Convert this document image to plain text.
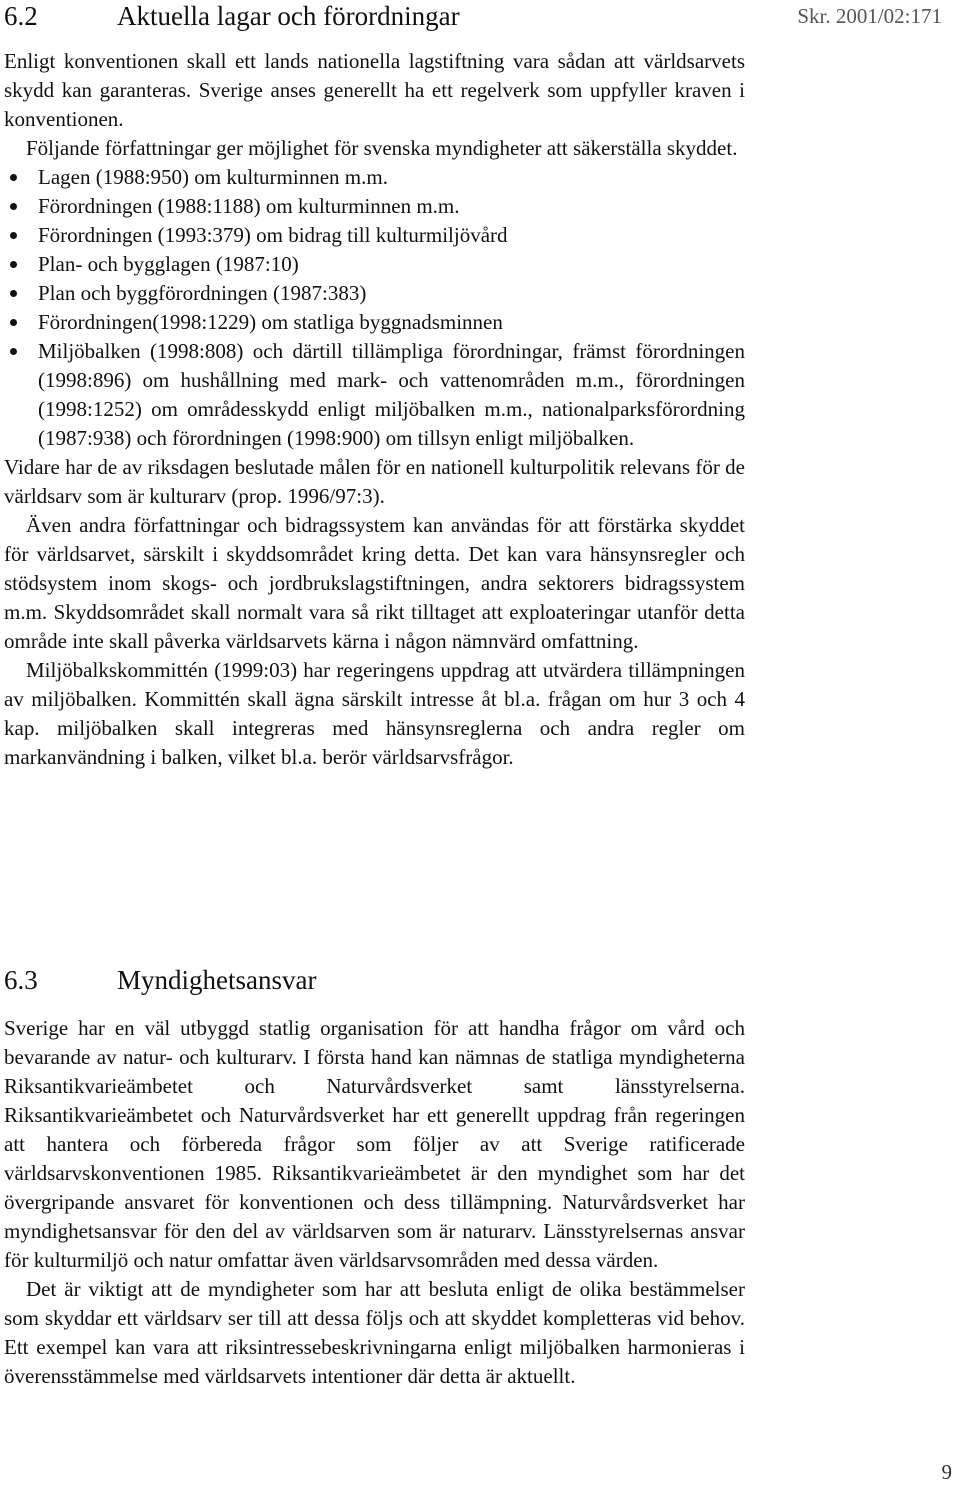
Skr. 2001/02:171
6.2	Aktuella lagar och förordningar

Enligt konventionen skall ett lands nationella lagstiftning vara sådan att världsarvets skydd kan garanteras. Sverige anses generellt ha ett regelverk som uppfyller kraven i konventionen.

Följande författningar ger möjlighet för svenska myndigheter att säkerställa skyddet.

Lagen (1988:950) om kulturminnen m.m.
Förordningen (1988:1188) om kulturminnen m.m.
Förordningen (1993:379) om bidrag till kulturmiljövård
Plan- och bygglagen (1987:10)
Plan och byggförordningen (1987:383)
Förordningen(1998:1229) om statliga byggnadsminnen
Miljöbalken (1998:808) och därtill tillämpliga förordningar, främst förordningen (1998:896) om hushållning med mark- och vattenområden m.m., förordningen (1998:1252) om områdesskydd enligt miljöbalken m.m., nationalparksförordning (1987:938) och förordningen (1998:900) om tillsyn enligt miljöbalken.

Vidare har de av riksdagen beslutade målen för en nationell kulturpolitik relevans för de världsarv som är kulturarv (prop. 1996/97:3).

Även andra författningar och bidragssystem kan användas för att förstärka skyddet för världsarvet, särskilt i skyddsområdet kring detta. Det kan vara hänsynsregler och stödsystem inom skogs- och jordbrukslagstiftningen, andra sektorers bidragssystem m.m. Skyddsområdet skall normalt vara så rikt tilltaget att exploateringar utanför detta område inte skall påverka världsarvets kärna i någon nämnvärd omfattning.

Miljöbalkskommittén (1999:03) har regeringens uppdrag att utvärdera tillämpningen av miljöbalken. Kommittén skall ägna särskilt intresse åt bl.a. frågan om hur 3 och 4 kap. miljöbalken skall integreras med hänsynsreglerna och andra regler om markanvändning i balken, vilket bl.a. berör världsarvsfrågor.

6.3	Myndighetsansvar

Sverige har en väl utbyggd statlig organisation för att handha frågor om vård och bevarande av natur- och kulturarv. I första hand kan nämnas de statliga myndigheterna Riksantikvarieämbetet och Naturvårdsverket samt länsstyrelserna. Riksantikvarieämbetet och Naturvårdsverket har ett generellt uppdrag från regeringen att hantera och förbereda frågor som följer av att Sverige ratificerade världsarvskonventionen 1985. Riksantikvarieämbetet är den myndighet som har det övergripande ansvaret för konventionen och dess tillämpning. Naturvårdsverket har myndighetsansvar för den del av världsarven som är naturarv. Länsstyrelsernas ansvar för kulturmiljö och natur omfattar även världsarvsområden med dessa värden.

Det är viktigt att de myndigheter som har att besluta enligt de olika bestämmelser som skyddar ett världsarv ser till att dessa följs och att skyddet kompletteras vid behov. Ett exempel kan vara att riksintressebeskrivningarna enligt miljöbalken harmonieras i överensstämmelse med världsarvets intentioner där detta är aktuellt.

9
